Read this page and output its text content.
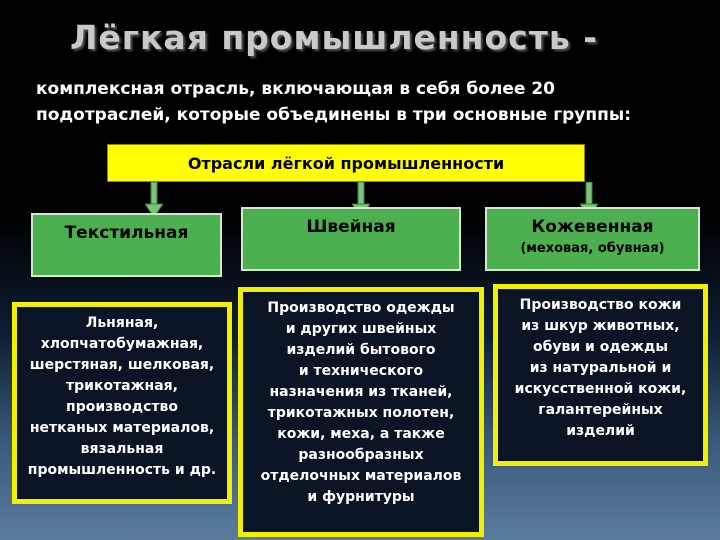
Лёгкая промышленность -
комплексная отрасль, включающая в себя более 20
подотраслей, которые объединены в три основные группы:
Отрасли лёгкой промышленности
Текстильная	Швейная	Кожевенная
(меховая, обувная)
Льняная,
хлопчатобумажная,
шерстяная, шелковая,
трикотажная,
производство
нетканых материалов,
вязальная
промышленность и др.
Производство одежды
и других швейных
изделий бытового
и технического
назначения из тканей,
трикотажных полотен,
кожи, меха, а также
разнообразных
отделочных материалов
и фурнитуры
Производство кожи
из шкур животных,
обуви и одежды
из натуральной и
искусственной кожи,
галантерейных
изделий
